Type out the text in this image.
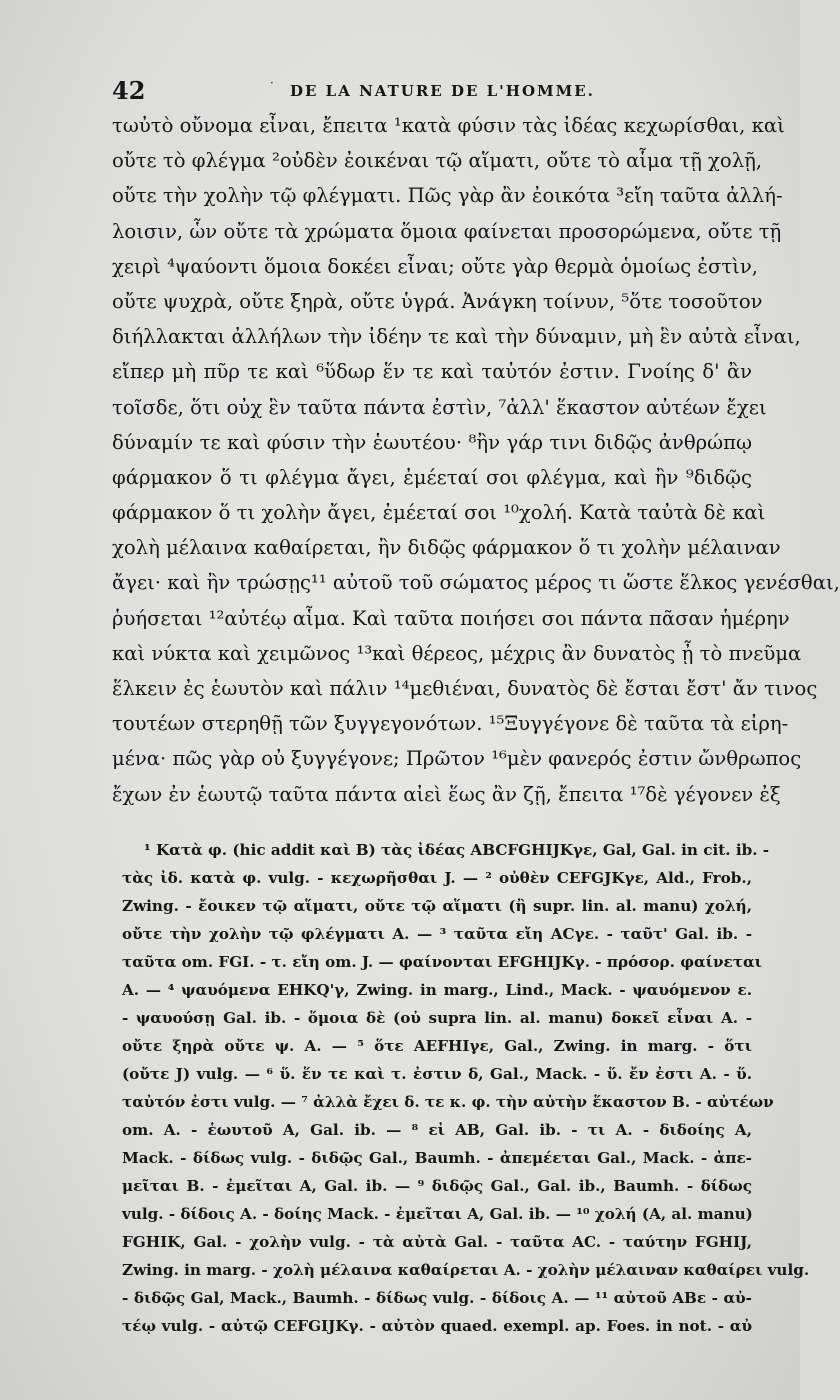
42	· DE LA NATURE DE L'HOMME.
τωὐτὸ οὔνομα εἶναι, ἔπειτα ¹κατὰ φύσιν τὰς ἰδέας κεχωρίσθαι, καὶ
οὔτε τὸ φλέγμα ²οὐδὲν ἐοικέναι τῷ αἵματι, οὔτε τὸ αἷμα τῇ χολῇ,
οὔτε τὴν χολὴν τῷ φλέγματι. Πῶς γὰρ ἂν ἐοικότα ³εἴη ταῦτα ἀλλή-
λοισιν, ὧν οὔτε τὰ χρώματα ὅμοια φαίνεται προσορώμενα, οὔτε τῇ
χειρὶ ⁴ψαύοντι ὅμοια δοκέει εἶναι; οὔτε γὰρ θερμὰ ὁμοίως ἐστὶν,
οὔτε ψυχρὰ, οὔτε ξηρὰ, οὔτε ὑγρά. Ἀνάγκη τοίνυν, ⁵ὅτε τοσοῦτον
διήλλακται ἀλλήλων τὴν ἰδέην τε καὶ τὴν δύναμιν, μὴ ἓν αὐτὰ εἶναι,
εἴπερ μὴ πῦρ τε καὶ ⁶ὕδωρ ἕν τε καὶ ταὐτόν ἐστιν. Γνοίης δ' ἂν
τοῖσδε, ὅτι οὐχ ἓν ταῦτα πάντα ἐστὶν, ⁷ἀλλ' ἕκαστον αὐτέων ἔχει
δύναμίν τε καὶ φύσιν τὴν ἑωυτέου· ⁸ἢν γάρ τινι διδῷς ἀνθρώπῳ
φάρμακον ὅ τι φλέγμα ἄγει, ἐμέεταί σοι φλέγμα, καὶ ἢν ⁹διδῷς
φάρμακον ὅ τι χολὴν ἄγει, ἐμέεταί σοι ¹⁰χολή. Κατὰ ταὐτὰ δὲ καὶ
χολὴ μέλαινα καθαίρεται, ἢν διδῷς φάρμακον ὅ τι χολὴν μέλαιναν
ἄγει· καὶ ἢν τρώσῃς¹¹ αὐτοῦ τοῦ σώματος μέρος τι ὥστε ἕλκος γενέσθαι,
ῥυήσεται ¹²αὐτέῳ αἷμα. Καὶ ταῦτα ποιήσει σοι πάντα πᾶσαν ἡμέρην
καὶ νύκτα καὶ χειμῶνος ¹³καὶ θέρεος, μέχρις ἂν δυνατὸς ᾖ τὸ πνεῦμα
ἕλκειν ἐς ἑωυτὸν καὶ πάλιν ¹⁴μεθιέναι, δυνατὸς δὲ ἔσται ἔστ' ἄν τινος
τουτέων στερηθῇ τῶν ξυγγεγονότων. ¹⁵Ξυγγέγονε δὲ ταῦτα τὰ εἰρη-
μένα· πῶς γὰρ οὐ ξυγγέγονε; Πρῶτον ¹⁶μὲν φανερός ἐστιν ὤνθρωπος
ἔχων ἐν ἑωυτῷ ταῦτα πάντα αἰεὶ ἕως ἂν ζῇ, ἔπειτα ¹⁷δὲ γέγονεν ἐξ
¹ Κατὰ φ. (hic addit καὶ B) τὰς ἰδέας ABCFGHIJKγε, Gal, Gal. in cit. ib. -
τὰς ἰδ. κατὰ φ. vulg. - κεχωρῆσθαι J. — ² οὐθὲν CEFGJKγε, Ald., Frob.,
Zwing. - ἔοικεν τῷ αἵματι, οὔτε τῷ αἵματι (ἢ supr. lin. al. manu) χολή,
οὔτε τὴν χολὴν τῷ φλέγματι A. — ³ ταῦτα εἴη ACγε. - ταῦτ' Gal. ib. -
ταῦτα om. FGI. - τ. εἴη om. J. — φαίνονται EFGHIJKγ. - πρόσορ. φαίνεται
A. — ⁴ ψαυόμενα EHKQ'γ, Zwing. in marg., Lind., Mack. - ψαυόμενον ε.
- ψαυούσῃ Gal. ib. - ὅμοια δὲ (οὐ supra lin. al. manu) δοκεῖ εἶναι A. -
οὔτε ξηρὰ οὔτε ψ. A. — ⁵ ὅτε AEFHIγε, Gal., Zwing. in marg. - ὅτι
(οὔτε J) vulg. — ⁶ ὕ. ἕν τε καὶ τ. ἐστιν δ, Gal., Mack. - ὕ. ἔν ἐστι A. - ὕ.
ταὐτόν ἐστι vulg. — ⁷ ἀλλὰ ἔχει δ. τε κ. φ. τὴν αὐτὴν ἕκαστον B. - αὐτέων
om. A. - ἑωυτοῦ A, Gal. ib. — ⁸ εἰ AB, Gal. ib. - τι A. - διδοίης A,
Mack. - δίδως vulg. - διδῷς Gal., Baumh. - ἀπεμέεται Gal., Mack. - ἀπε-
μεῖται B. - ἐμεῖται A, Gal. ib. — ⁹ διδῷς Gal., Gal. ib., Baumh. - δίδως
vulg. - δίδοις A. - δοίης Mack. - ἐμεῖται A, Gal. ib. — ¹⁰ χολή (A, al. manu)
FGHIK, Gal. - χολὴν vulg. - τὰ αὐτὰ Gal. - ταῦτα AC. - ταύτην FGHIJ,
Zwing. in marg. - χολὴ μέλαινα καθαίρεται A. - χολὴν μέλαιναν καθαίρει vulg.
- διδῷς Gal, Mack., Baumh. - δίδως vulg. - δίδοις A. — ¹¹ αὐτοῦ ABε - αὐ-
τέῳ vulg. - αὐτῷ CEFGIJKγ. - αὐτὸν quaed. exempl. ap. Foes. in not. - αὐ
